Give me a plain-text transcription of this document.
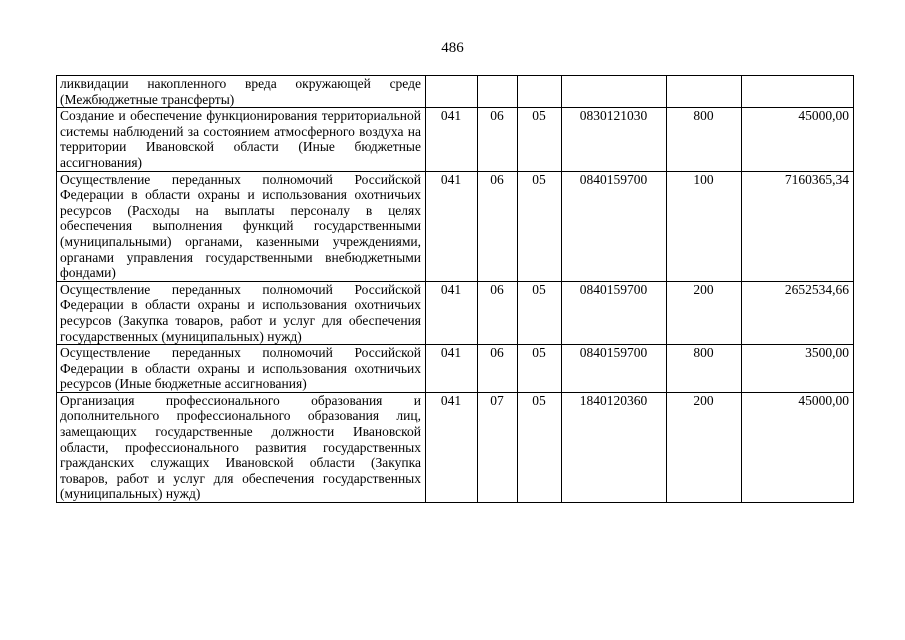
486
ликвидации накопленного вреда окружающей среде (Межбюджетные трансферты)						
Создание и обеспечение функционирования территориальной системы наблюдений за состоянием атмосферного воздуха на территории Ивановской области (Иные бюджетные ассигнования)	041	06	05	0830121030	800	45000,00
Осуществление переданных полномочий Российской Федерации в области охраны и использования охотничьих ресурсов (Расходы на выплаты персоналу в целях обеспечения выполнения функций государственными (муниципальными) органами, казенными учреждениями, органами управления государственными внебюджетными фондами)	041	06	05	0840159700	100	7160365,34
Осуществление переданных полномочий Российской Федерации в области охраны и использования охотничьих ресурсов (Закупка товаров, работ и услуг для обеспечения государственных (муниципальных) нужд)	041	06	05	0840159700	200	2652534,66
Осуществление переданных полномочий Российской Федерации в области охраны и использования охотничьих ресурсов (Иные бюджетные ассигнования)	041	06	05	0840159700	800	3500,00
Организация профессионального образования и дополнительного профессионального образования лиц, замещающих государственные должности Ивановской области, профессионального развития государственных гражданских служащих Ивановской области (Закупка товаров, работ и услуг для обеспечения государственных (муниципальных) нужд)	041	07	05	1840120360	200	45000,00
